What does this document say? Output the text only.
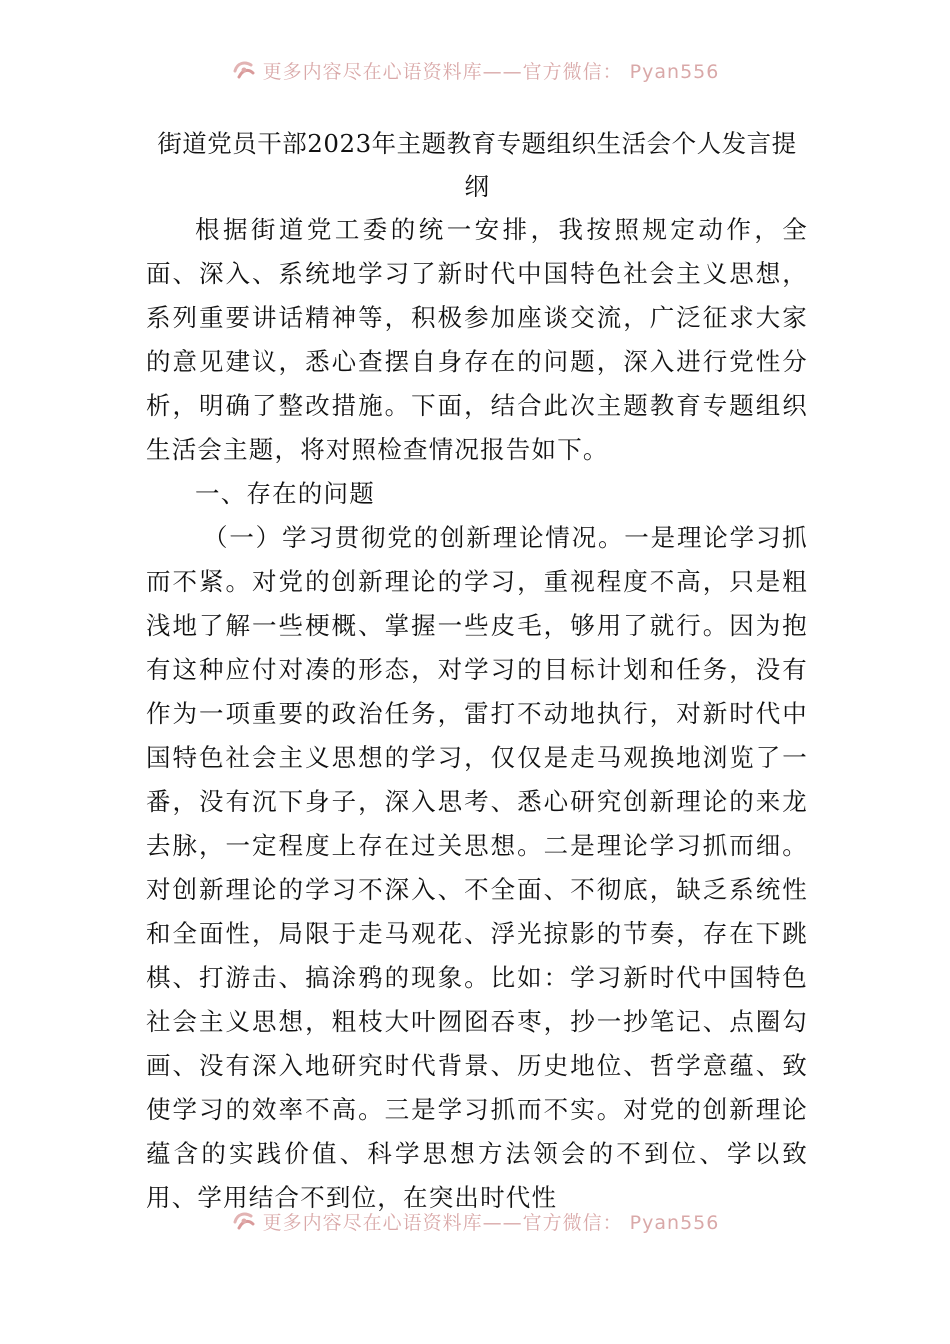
更多内容尽在心语资料库——官方微信： Pyan556
街道党员干部2023年主题教育专题组织生活会个人发言提纲

根据街道党工委的统一安排，我按照规定动作，全面、深入、系统地学习了新时代中国特色社会主义思想，系列重要讲话精神等，积极参加座谈交流，广泛征求大家的意见建议，悉心查摆自身存在的问题，深入进行党性分析，明确了整改措施。下面，结合此次主题教育专题组织生活会主题，将对照检查情况报告如下。

一、存在的问题

（一）学习贯彻党的创新理论情况。一是理论学习抓而不紧。对党的创新理论的学习，重视程度不高，只是粗浅地了解一些梗概、掌握一些皮毛，够用了就行。因为抱有这种应付对凑的形态，对学习的目标计划和任务，没有作为一项重要的政治任务，雷打不动地执行，对新时代中国特色社会主义思想的学习，仅仅是走马观换地浏览了一番，没有沉下身子，深入思考、悉心研究创新理论的来龙去脉，一定程度上存在过关思想。二是理论学习抓而细。对创新理论的学习不深入、不全面、不彻底，缺乏系统性和全面性，局限于走马观花、浮光掠影的节奏，存在下跳棋、打游击、搞涂鸦的现象。比如：学习新时代中国特色社会主义思想，粗枝大叶囫囵吞枣，抄一抄笔记、点圈勾画、没有深入地研究时代背景、历史地位、哲学意蕴、致使学习的效率不高。三是学习抓而不实。对党的创新理论蕴含的实践价值、科学思想方法领会的不到位、学以致用、学用结合不到位，在突出时代性

更多内容尽在心语资料库——官方微信： Pyan556
